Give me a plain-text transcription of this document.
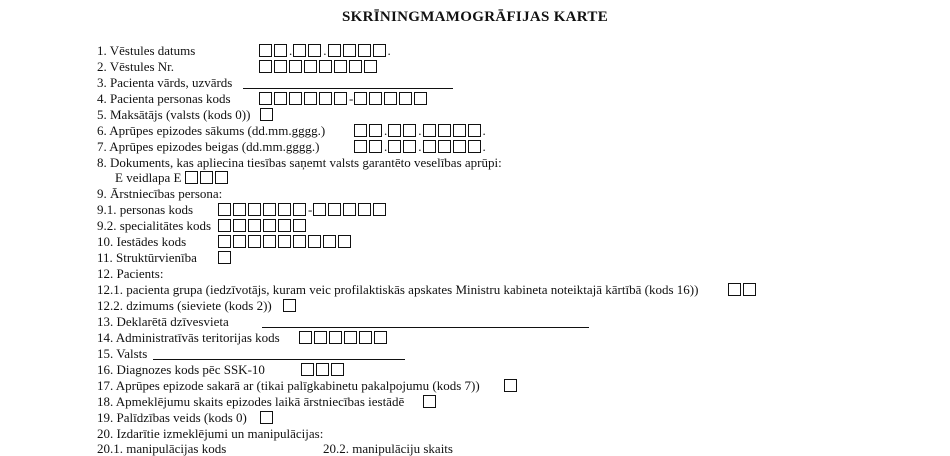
SKRĪNINGMAMOGRĀFIJAS KARTE
1. Vēstules datums	. .	.
2. Vēstules Nr.
3. Pacienta vārds, uzvārds
4. Pacienta personas kods	-
5. Maksātājs (valsts (kods 0))
6. Aprūpes epizodes sākums (dd.mm.gggg.)	. .	.
7. Aprūpes epizodes beigas (dd.mm.gggg.)	. .	.
8. Dokuments, kas apliecina tiesības saņemt valsts garantēto veselības aprūpi:
E veidlapa E
9. Ārstniecības persona:
9.1. personas kods	-
9.2. specialitātes kods
10. Iestādes kods
11. Struktūrvienība
12. Pacients:
12.1. pacienta grupa (iedzīvotājs, kuram veic profilaktiskās apskates Ministru kabineta noteiktajā kārtībā (kods 16))
12.2. dzimums (sieviete (kods 2))
13. Deklarētā dzīvesvieta
14. Administratīvās teritorijas kods
15. Valsts
16. Diagnozes kods pēc SSK-10
17. Aprūpes epizode sakarā ar (tikai palīgkabinetu pakalpojumu (kods 7))
18. Apmeklējumu skaits epizodes laikā ārstniecības iestādē
19. Palīdzības veids (kods 0)
20. Izdarītie izmeklējumi un manipulācijas:
20.1. manipulācijas kods	20.2. manipulāciju skaits
